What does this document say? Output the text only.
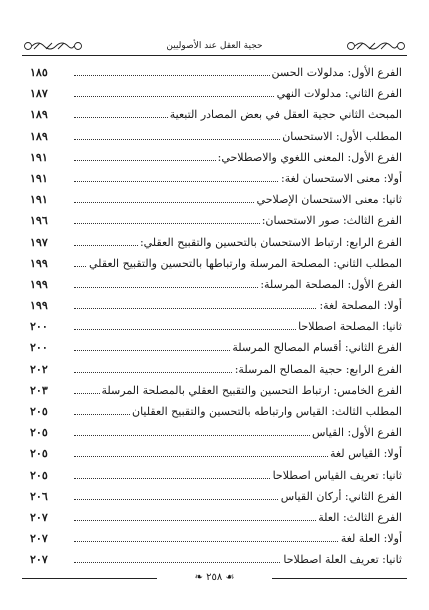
حجية العقل عند الأصوليين
الفرع الأول: مدلولات الحسن
١٨٥
الفرع الثاني: مدلولات النهي
١٨٧
المبحث الثاني حجية العقل في بعض المصادر التبعية
١٨٩
المطلب الأول: الاستحسان
١٨٩
الفرع الأول: المعنى اللغوي والاصطلاحي:
١٩١
أولا: معنى الاستحسان لغة:
١٩١
ثانيا: معنى الاستحسان الإصلاحي
١٩١
الفرع الثالث: صور الاستحسان:
١٩٦
الفرع الرابع: ارتباط الاستحسان بالتحسين والتقبيح العقلي:
١٩٧
المطلب الثاني: المصلحة المرسلة وارتباطها بالتحسين والتقبيح العقلي
١٩٩
الفرع الأول: المصلحة المرسلة:
١٩٩
أولا: المصلحة لغة:
١٩٩
ثانيا: المصلحة اصطلاحا
٢٠٠
الفرع الثاني: أقسام المصالح المرسلة
٢٠٠
الفرع الرابع: حجية المصالح المرسلة:
٢٠٢
الفرع الخامس: ارتباط التحسين والتقبيح العقلي بالمصلحة المرسلة
٢٠٣
المطلب الثالث: القياس وارتباطه بالتحسين والتقبيح العقليان
٢٠٥
الفرع الأول: القياس
٢٠٥
أولا: القياس لغة
٢٠٥
ثانيا: تعريف القياس اصطلاحا
٢٠٥
الفرع الثاني: أركان القياس
٢٠٦
الفرع الثالث: العلة
٢٠٧
أولا: العلة لغة
٢٠٧
ثانيا: تعريف العلة اصطلاحا
٢٠٧
❧ ٢٥٨ ☙
